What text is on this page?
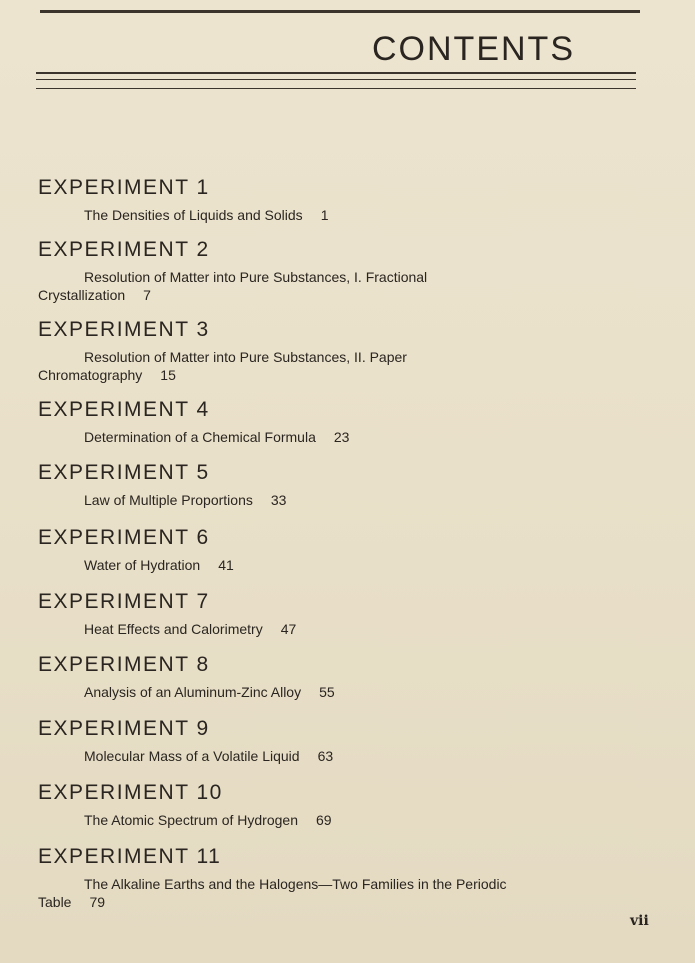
CONTENTS
EXPERIMENT 1
The Densities of Liquids and Solids 1
EXPERIMENT 2
Resolution of Matter into Pure Substances, I. Fractional Crystallization 7
EXPERIMENT 3
Resolution of Matter into Pure Substances, II. Paper Chromatography 15
EXPERIMENT 4
Determination of a Chemical Formula 23
EXPERIMENT 5
Law of Multiple Proportions 33
EXPERIMENT 6
Water of Hydration 41
EXPERIMENT 7
Heat Effects and Calorimetry 47
EXPERIMENT 8
Analysis of an Aluminum-Zinc Alloy 55
EXPERIMENT 9
Molecular Mass of a Volatile Liquid 63
EXPERIMENT 10
The Atomic Spectrum of Hydrogen 69
EXPERIMENT 11
The Alkaline Earths and the Halogens—Two Families in the Periodic Table 79
vii
